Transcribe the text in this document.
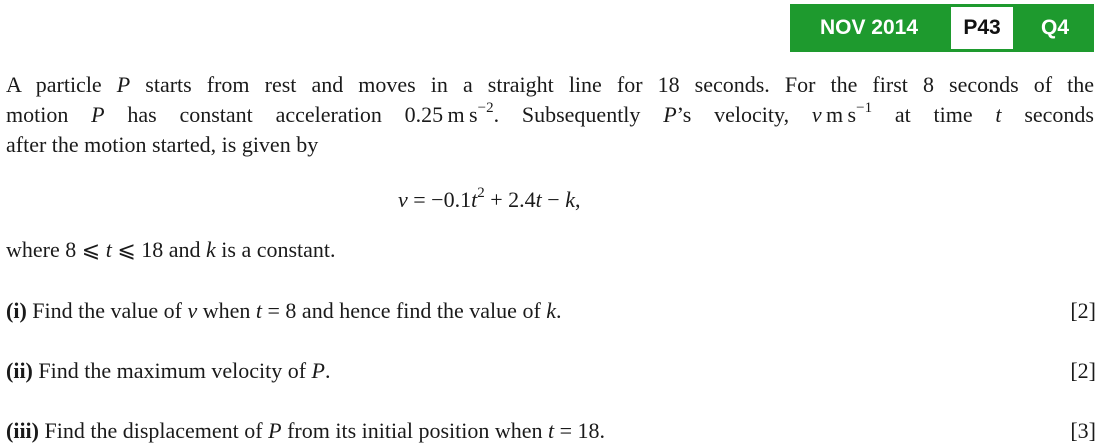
NOV 2014	P43	Q4
A particle P starts from rest and moves in a straight line for 18 seconds. For the first 8 seconds of the
motion P has constant acceleration 0.25 m $s^{-2}$. Subsequently P’s velocity, v m $s^{-1}$ at time t seconds
after the motion started, is given by
$v = -0.1t^2 + 2.4t - k$,
where 8 ⩽ t ⩽ 18 and k is a constant.
(i) Find the value of v when t = 8 and hence find the value of k.	[2]
(ii) Find the maximum velocity of P.	[2]
(iii) Find the displacement of P from its initial position when t = 18.	[3]
